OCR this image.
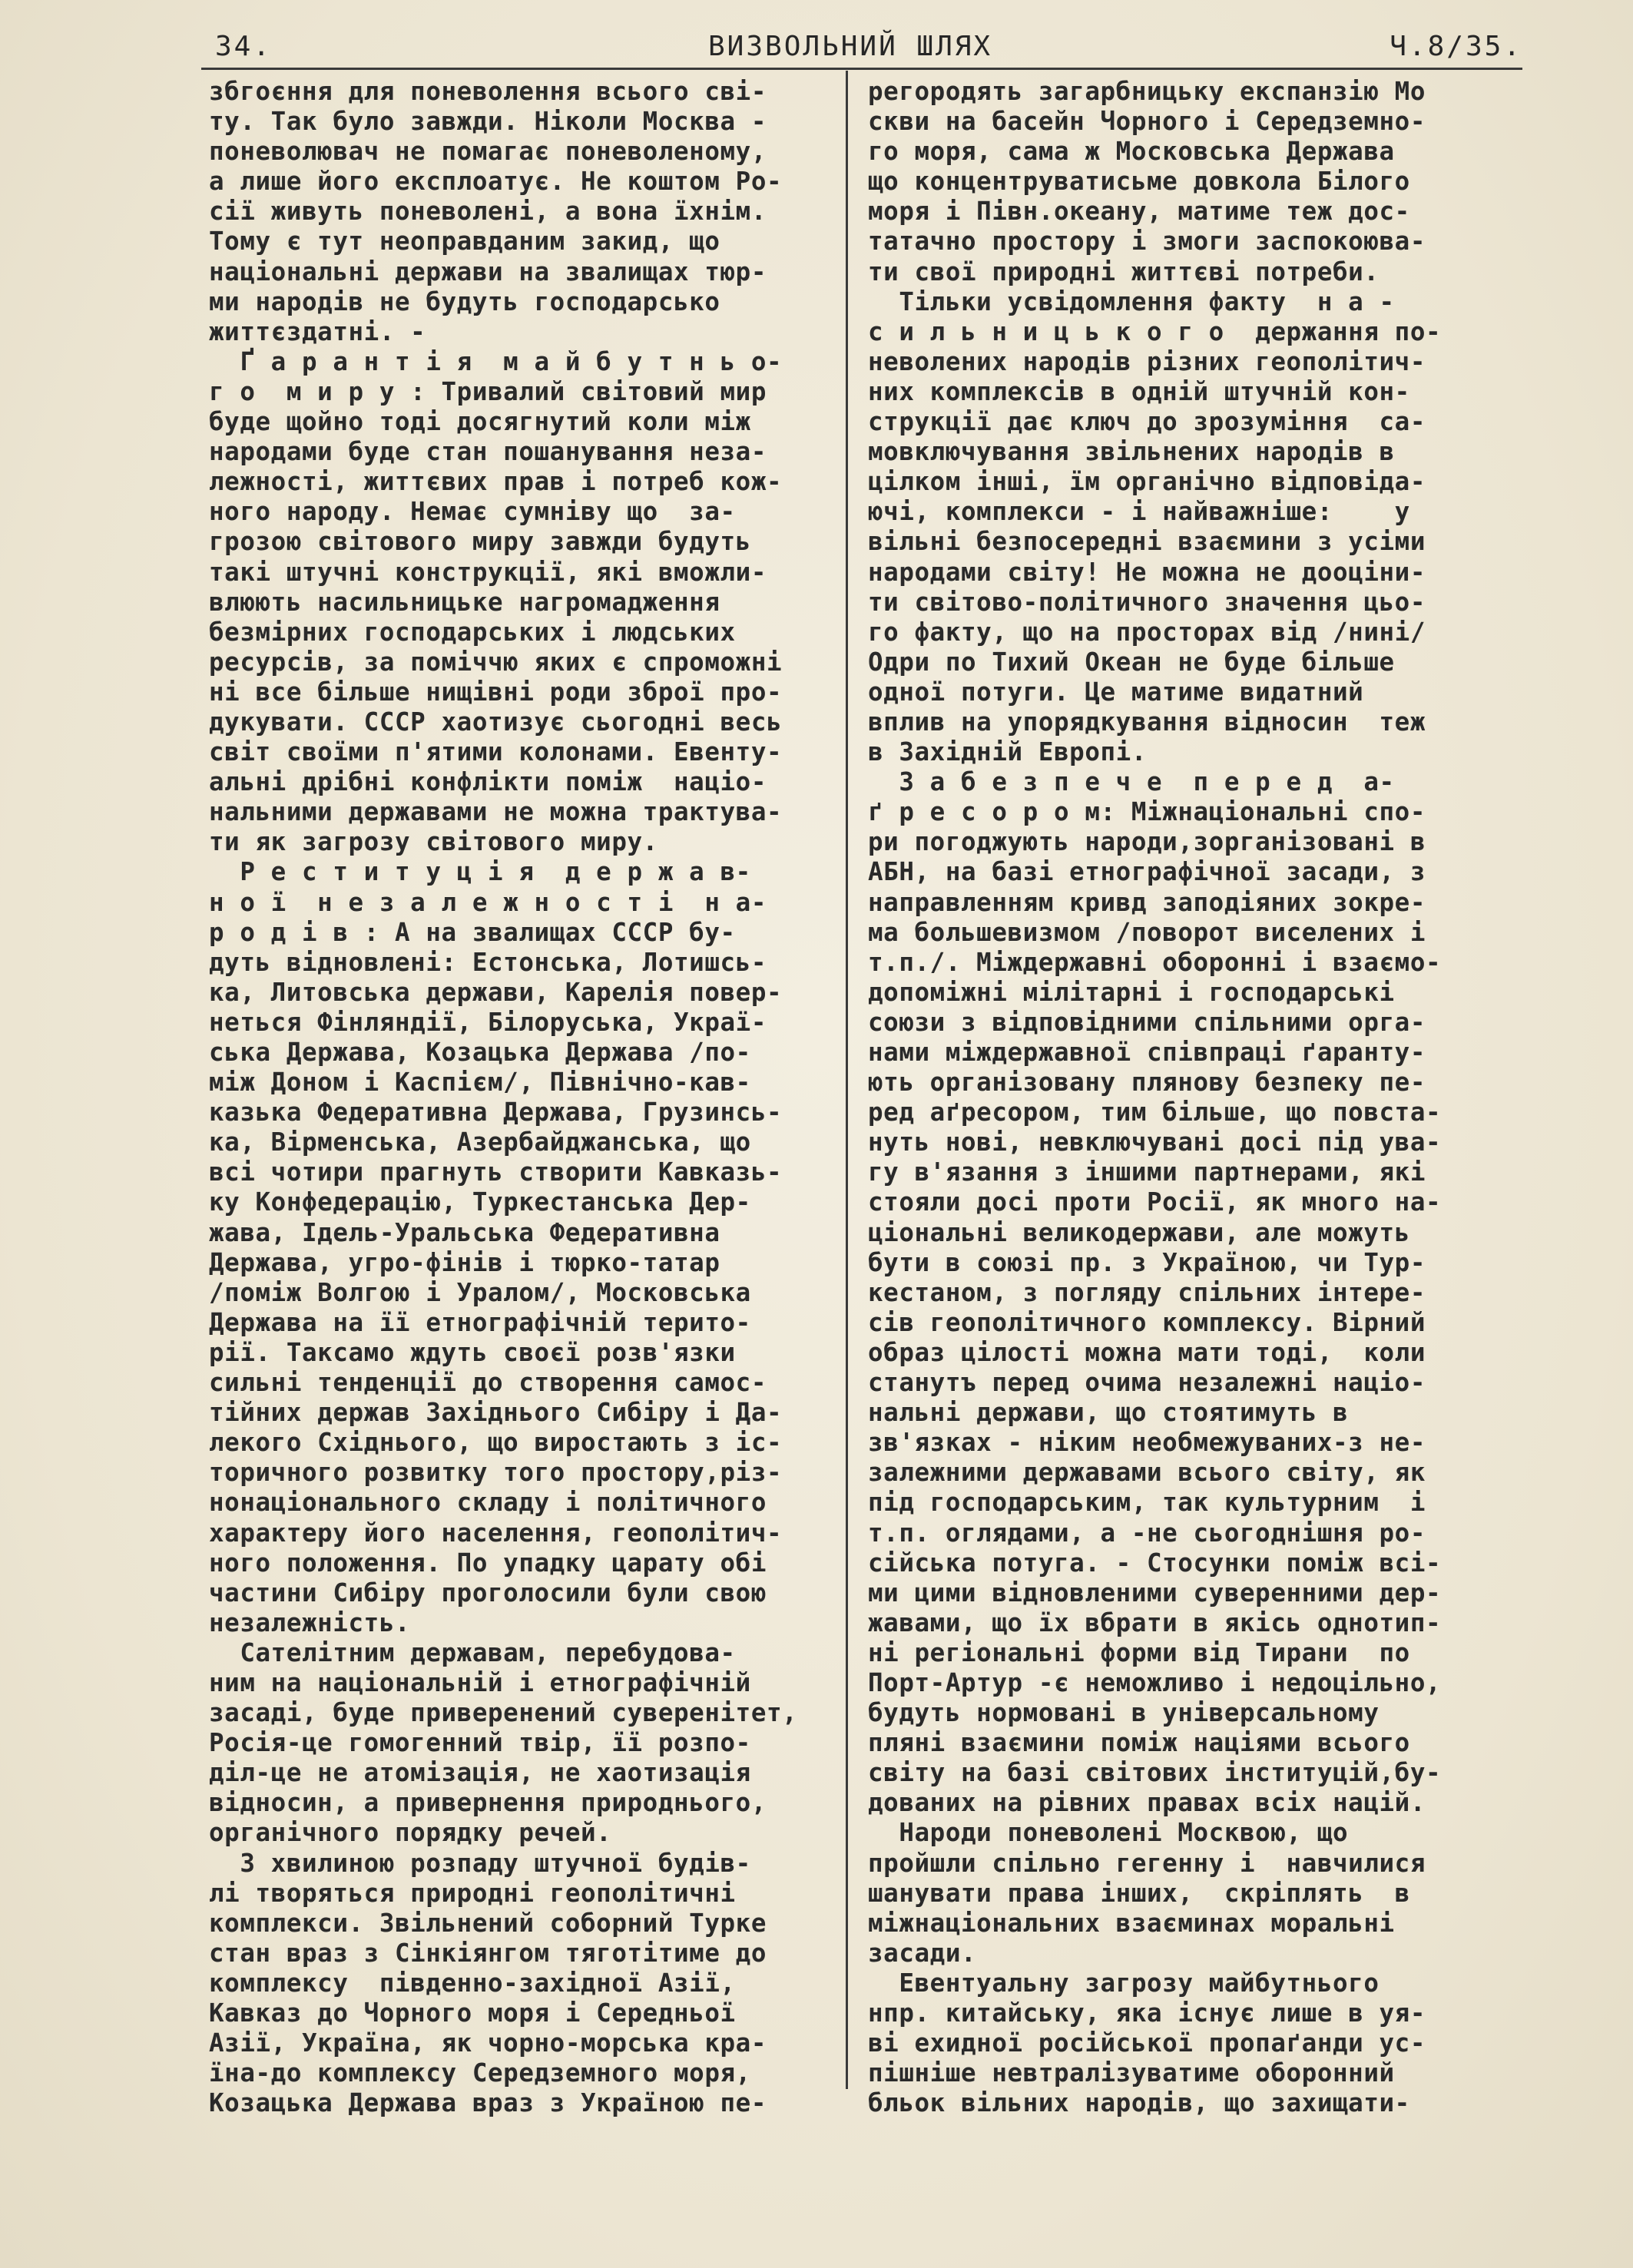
34.	ВИЗВОЛЬНИЙ ШЛЯХ	Ч.8/35.
збгоєння для поневолення всього сві-
ту. Так було завжди. Ніколи Москва -
поневолювач не помагає поневоленому,
а лише його експлоатує. Не коштом Ро-
сії живуть поневолені, а вона їхнім.
Тому є тут неоправданим закид, що
національні держави на звалищах тюр-
ми народів не будуть господарсько
життєздатні. -
Ґ а р а н т і я  м а й б у т н ь о-
г о  м и р у : Тривалий світовий мир
буде щойно тоді досягнутий коли між
народами буде стан пошанування неза-
лежності, життєвих прав і потреб кож-
ного народу. Немає сумніву що  за-
грозою світового миру завжди будуть
такі штучні конструкції, які вможли-
влюють насильницьке нагромадження
безмірних господарських і людських
ресурсів, за поміччю яких є спроможні
ні все більше нищівні роди зброї про-
дукувати. СССР хаотизує сьогодні весь
світ своїми п'ятими колонами. Евенту-
альні дрібні конфлікти поміж  націо-
нальними державами не можна трактува-
ти як загрозу світового миру.
Р е с т и т у ц і я  д е р ж а в-
н о ї  н е з а л е ж н о с т і  н а-
р о д і в : А на звалищах СССР бу-
дуть відновлені: Естонська, Лотишсь-
ка, Литовська держави, Карелія повер-
неться Фінляндії, Білоруська, Украї-
ська Держава, Козацька Держава /по-
між Доном і Каспієм/, Північно-кав-
казька Федеративна Держава, Грузинсь-
ка, Вірменська, Азербайджанська, що
всі чотири прагнуть створити Кавказь-
ку Конфедерацію, Туркестанська Дер-
жава, Ідель-Уральська Федеративна
Держава, угро-фінів і тюрко-татар
/поміж Волгою і Уралом/, Московська
Держава на її етнографічній терито-
рії. Таксамо ждуть своєї розв'язки
сильні тенденції до створення самос-
тійних держав Західнього Сибіру і Да-
лекого Східнього, що виростають з іс-
торичного розвитку того простору,різ-
нонаціонального складу і політичного
характеру його населення, геополітич-
ного положення. По упадку царату обі
частини Сибіру проголосили були свою
незалежність.
Сателітним державам, перебудова-
ним на національній і етнографічній
засаді, буде приверенений суверенітет,
Росія-це гомогенний твір, її розпо-
діл-це не атомізація, не хаотизація
відносин, а привернення природнього,
органічного порядку речей.
З хвилиною розпаду штучної будів-
лі творяться природні геополітичні
комплекси. Звільнений соборний Турке
стан враз з Сінкіянгом тяготітиме до
комплексу  південно-західної Азії,
Кавказ до Чорного моря і Середньої
Азії, Україна, як чорно-морська кра-
їна-до комплексу Середземного моря,
Козацька Держава враз з Україною пе-
регородять загарбницьку експанзію Мо
скви на басейн Чорного і Середземно-
го моря, сама ж Московська Держава
що концентруватисьме довкола Білого
моря і Півн.океану, матиме теж дос-
татачно простору і змоги заспокоюва-
ти свої природні життєві потреби.
Тільки усвідомлення факту  н а -
с и л ь н и ц ь к о г о  держання по-
неволених народів різних геополітич-
них комплексів в одній штучній кон-
струкції дає ключ до зрозуміння  са-
мовключування звільнених народів в
цілком інші, їм органічно відповіда-
ючі, комплекси - і найважніше:    у
вільні безпосередні взаємини з усіми
народами світу! Не можна не дооціни-
ти світово-політичного значення цьо-
го факту, що на просторах від /нині/
Одри по Тихий Океан не буде більше
одної потуги. Це матиме видатний
вплив на упорядкування відносин  теж
в Західній Европі.
З а б е з п е ч е  п е р е д  а-
ґ р е с о р о м: Міжнаціональні спо-
ри погоджують народи,зорганізовані в
АБН, на базі етнографічної засади, з
направленням кривд заподіяних зокре-
ма большевизмом /поворот виселених і
т.п./. Міждержавні оборонні і взаємо-
допоміжні мілітарні і господарські
союзи з відповідними спільними орга-
нами міждержавної співпраці ґаранту-
ють організовану плянову безпеку пе-
ред аґресором, тим більше, що повста-
нуть нові, невключувані досі під ува-
гу в'язання з іншими партнерами, які
стояли досі проти Росії, як много на-
ціональні великодержави, але можуть
бути в союзі пр. з Україною, чи Тур-
кестаном, з погляду спільних інтере-
сів геополітичного комплексу. Вірний
образ цілості можна мати тоді,  коли
станутъ перед очима незалежні націо-
нальні держави, що стоятимуть в
зв'язках - ніким необмежуваних-з не-
залежними державами всього світу, як
під господарським, так культурним  і
т.п. оглядами, а -не сьогоднішня ро-
сійська потуга. - Стосунки поміж всі-
ми цими відновленими суверенними дер-
жавами, що їх вбрати в якісь однотип-
ні регіональні форми від Тирани  по
Порт-Артур -є неможливо і недоцільно,
будуть нормовані в універсальному
пляні взаємини поміж націями всього
світу на базі світових інституцій,бу-
дованих на рівних правах всіх націй.
Народи поневолені Москвою, що
пройшли спільно гегенну і  навчилися
шанувати права інших,  скріплять  в
міжнаціональних взаєминах моральні
засади.
Евентуальну загрозу майбутнього
нпр. китайську, яка існує лише в уя-
ві ехидної російської пропаґанди ус-
пішніше невтралізуватиме оборонний
бльок вільних народів, що захищати-
